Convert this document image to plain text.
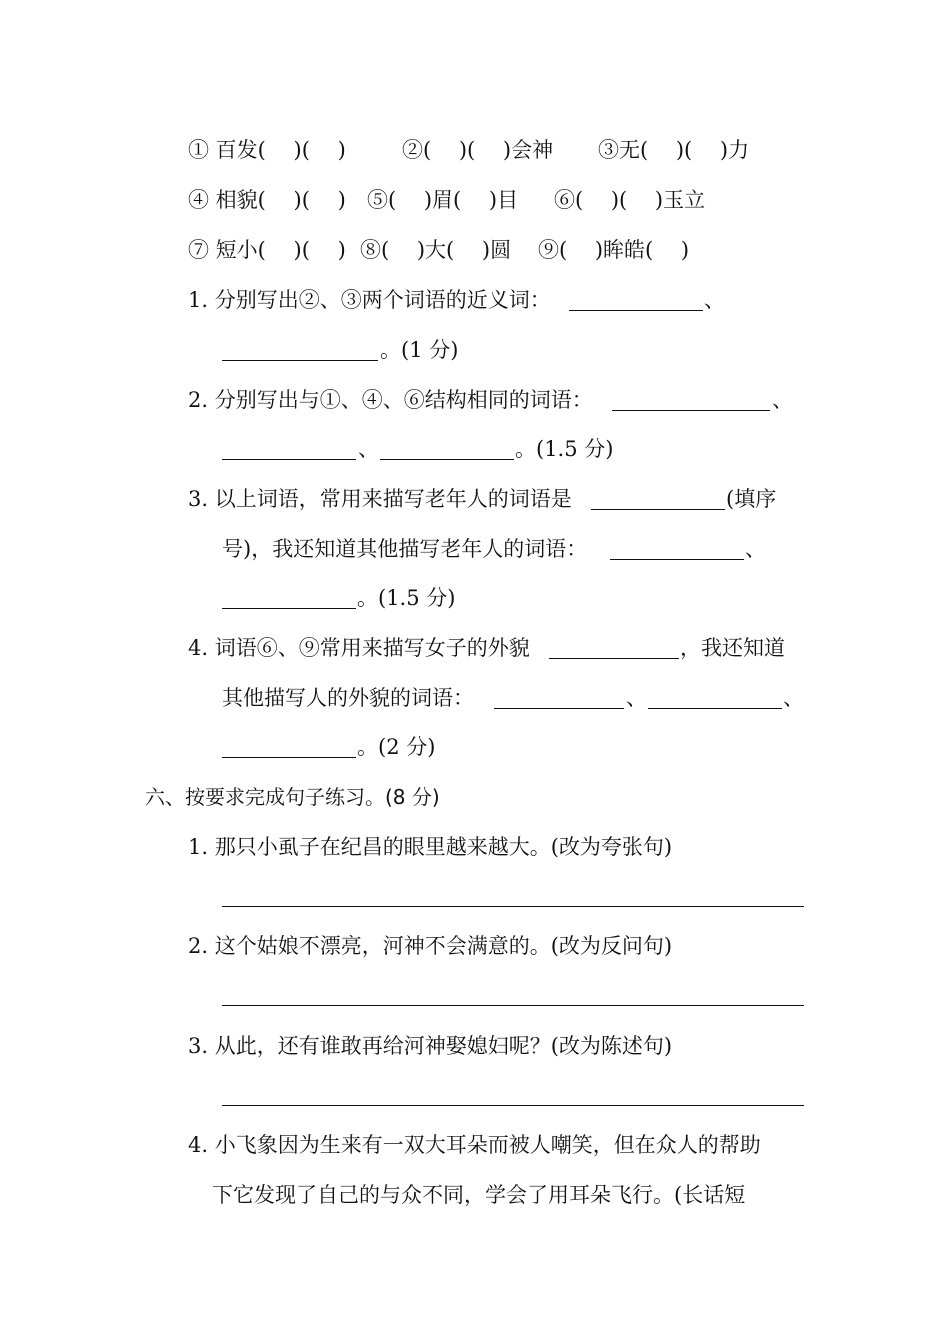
① 百发(　 )(　 )	②(　 )(　 )会神 ③无(　 )(　 )力
④ 相貌(　 )(　 ) ⑤(　 )眉(　 )目 ⑥(　 )(　 )玉立
⑦ 短小(　 )(　 ) ⑧(　 )大(　 )圆 ⑨(　 )眸皓(　 )
1. 分别写出②、③两个词语的近义词：	、
。(1 分)
2. 分别写出与①、④、⑥结构相同的词语：	、
、	。(1.5 分)
3. 以上词语，常用来描写老年人的词语是	(填序
号)，我还知道其他描写老年人的词语：	、
。(1.5 分)
4. 词语⑥、⑨常用来描写女子的外貌	，我还知道
其他描写人的外貌的词语：	、	、
。(2 分)
六、按要求完成句子练习。(8 分)
1. 那只小虱子在纪昌的眼里越来越大。(改为夸张句)
2. 这个姑娘不漂亮，河神不会满意的。(改为反问句)
3. 从此，还有谁敢再给河神娶媳妇呢？(改为陈述句)
4. 小飞象因为生来有一双大耳朵而被人嘲笑，但在众人的帮助
下它发现了自己的与众不同，学会了用耳朵飞行。(长话短
